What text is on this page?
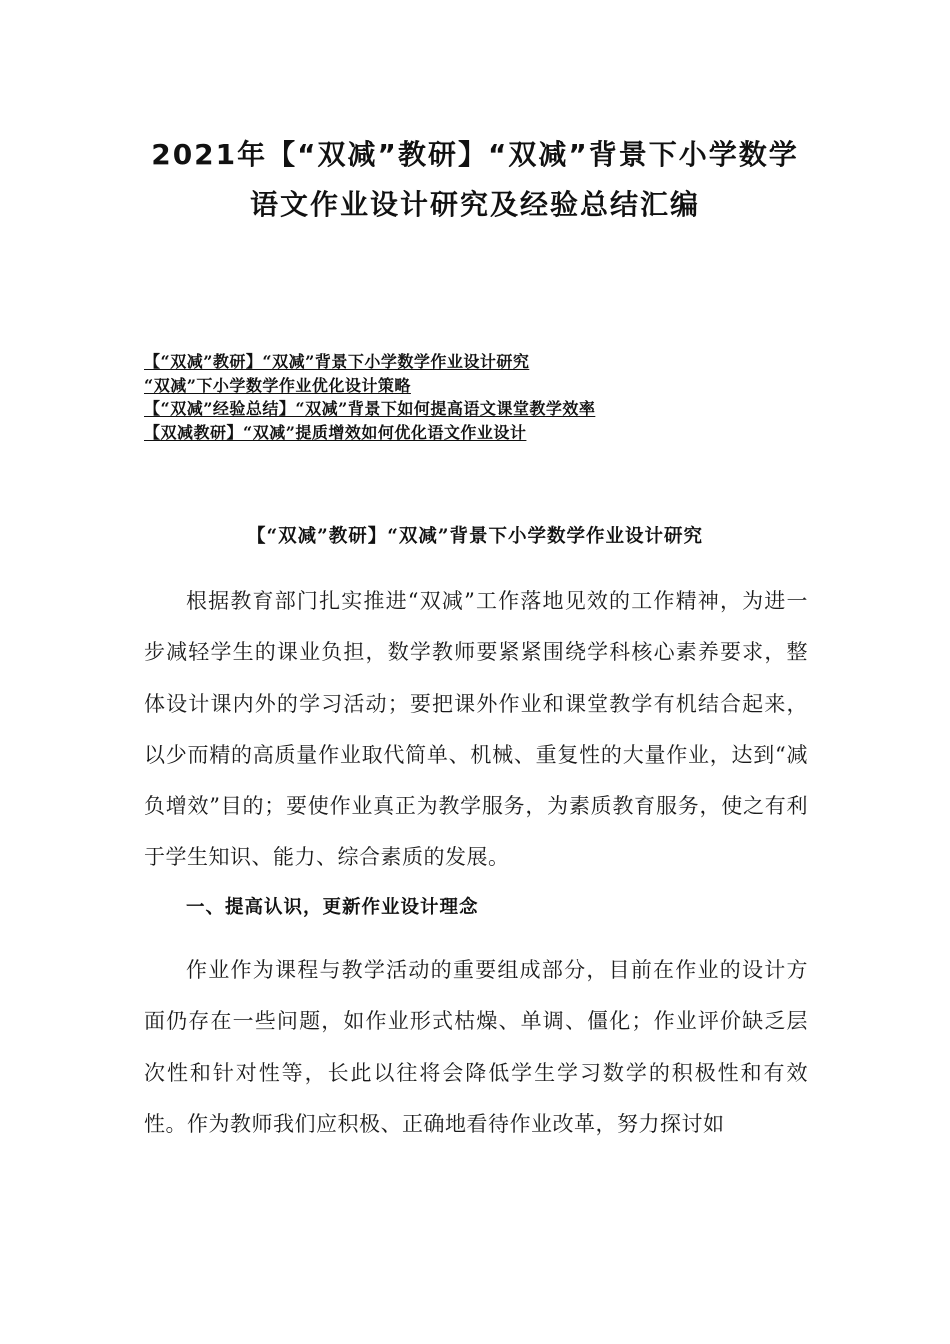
2021年【“双减”教研】“双减”背景下小学数学
语文作业设计研究及经验总结汇编
【“双减”教研】“双减”背景下小学数学作业设计研究
“双减”下小学数学作业优化设计策略
【“双减”经验总结】“双减”背景下如何提高语文课堂教学效率
【双减教研】“双减”提质增效如何优化语文作业设计
【“双减”教研】“双减”背景下小学数学作业设计研究

根据教育部门扎实推进“双减”工作落地见效的工作精神，为进一步减轻学生的课业负担，数学教师要紧紧围绕学科核心素养要求，整体设计课内外的学习活动；要把课外作业和课堂教学有机结合起来，以少而精的高质量作业取代简单、机械、重复性的大量作业，达到“减负增效”目的；要使作业真正为教学服务，为素质教育服务，使之有利于学生知识、能力、综合素质的发展。

一、提高认识，更新作业设计理念

作业作为课程与教学活动的重要组成部分，目前在作业的设计方面仍存在一些问题，如作业形式枯燥、单调、僵化；作业评价缺乏层次性和针对性等，长此以往将会降低学生学习数学的积极性和有效性。作为教师我们应积极、正确地看待作业改革，努力探讨如
